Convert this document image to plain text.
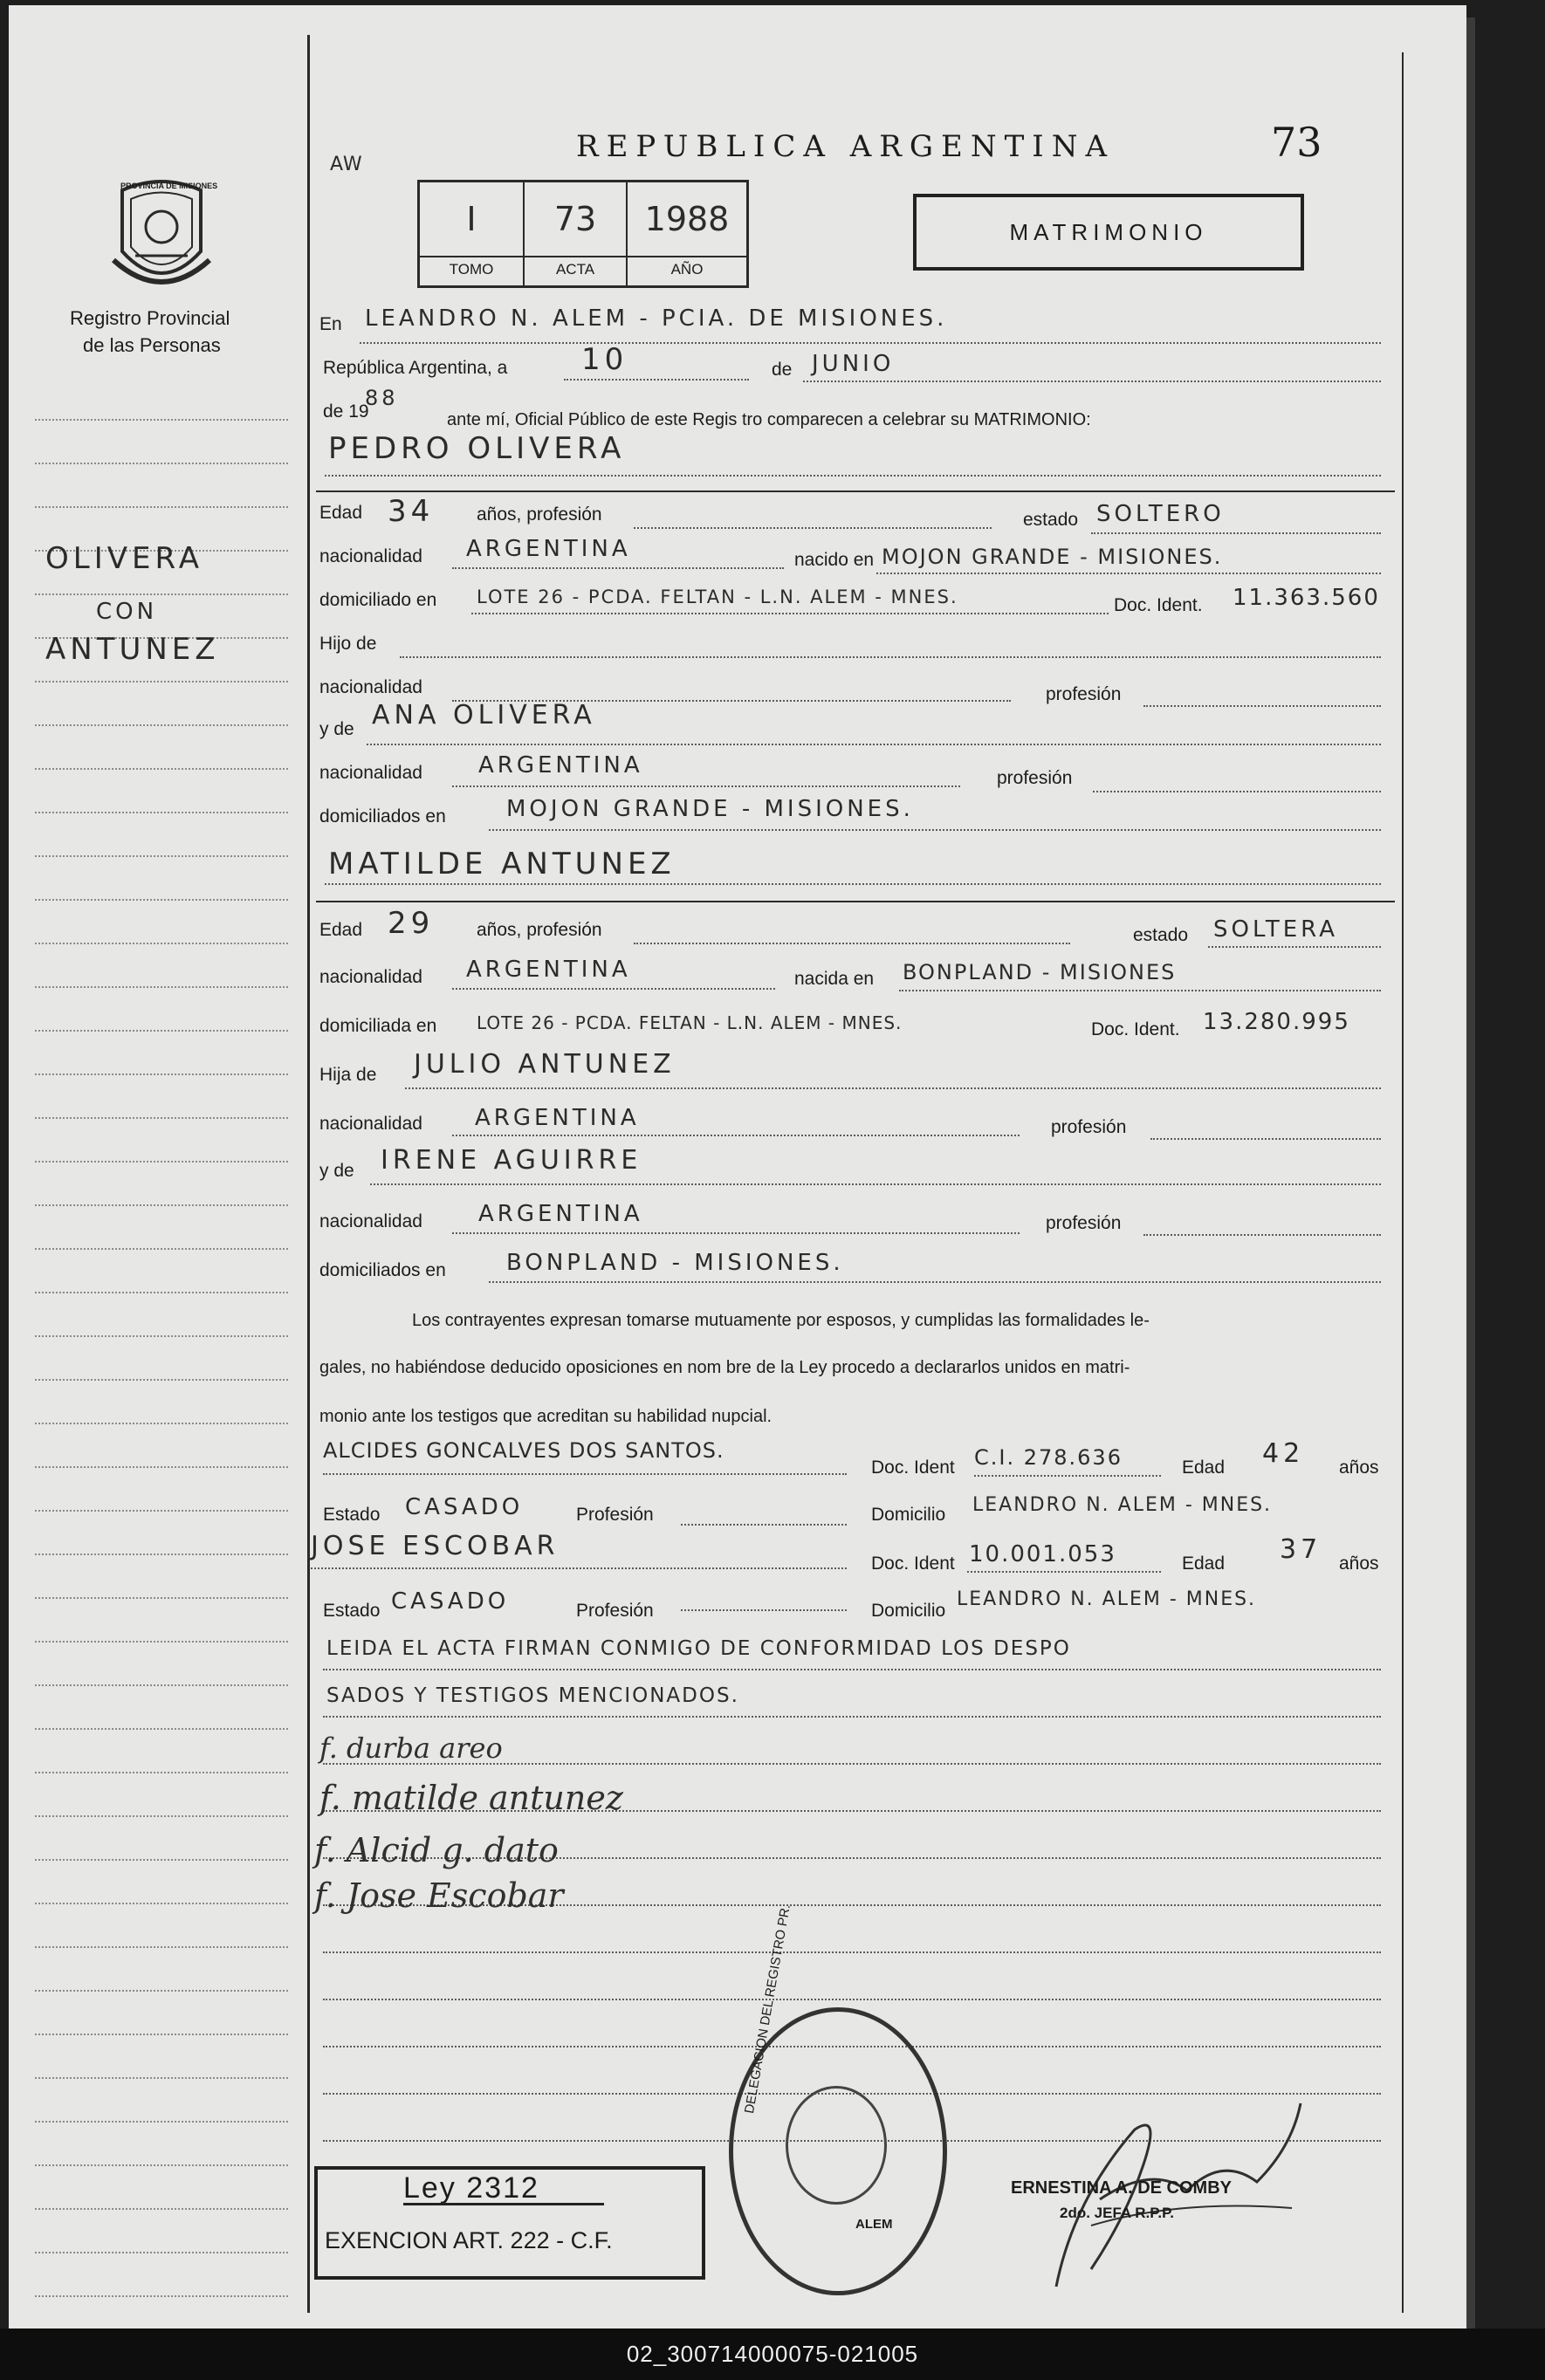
PROVINCIA DE MISIONES
Registro Provincial
de las Personas
OLIVERA
CON
ANTUNEZ
AW
REPUBLICA ARGENTINA	73
I
TOMO
73
ACTA
1988
AÑO
MATRIMONIO
En LEANDRO N. ALEM - PCIA. DE MISIONES.
República Argentina, a 10	de JUNIO
de 19
88
ante mí, Oficial Público de este Regis tro comparecen a celebrar su MATRIMONIO:
PEDRO OLIVERA
Edad 34 años, profesión	estado SOLTERO
nacionalidad ARGENTINA	nacido en MOJON GRANDE - MISIONES.
domiciliado en LOTE 26 - PCDA. FELTAN - L.N. ALEM - MNES.	Doc. Ident. 11.363.560
Hijo de
nacionalidad	profesión
y de ANA OLIVERA
nacionalidad ARGENTINA	profesión
domiciliados en	MOJON GRANDE - MISIONES.
MATILDE ANTUNEZ
Edad 29 años, profesión	estado SOLTERA
nacionalidad ARGENTINA	nacida en BONPLAND - MISIONES
domiciliada en LOTE 26 - PCDA. FELTAN - L.N. ALEM - MNES.	Doc. Ident. 13.280.995
Hija de JULIO ANTUNEZ
nacionalidad ARGENTINA	profesión
y de IRENE AGUIRRE
nacionalidad ARGENTINA	profesión
domiciliados en	BONPLAND - MISIONES.
Los contrayentes expresan tomarse mutuamente por esposos, y cumplidas las formalidades le-
gales, no habiéndose deducido oposiciones en nom bre de la Ley procedo a declararlos unidos en matri-
monio ante los testigos que acreditan su habilidad nupcial.
ALCIDES GONCALVES DOS SANTOS.
Doc. Ident C.I. 278.636	Edad 42 años
Estado CASADO	Profesión	Domicilio LEANDRO N. ALEM - MNES.
JOSE ESCOBAR
Doc. Ident 10.001.053	Edad 37 años
Estado CASADO	Profesión	Domicilio
LEANDRO N. ALEM - MNES.
LEIDA EL ACTA FIRMAN CONMIGO DE CONFORMIDAD LOS DESPO
SADOS Y TESTIGOS MENCIONADOS.
f. durba areo
f. matilde antunez
f. Alcid g. dato
f. Jose Escobar
DELEGACION DEL REGISTRO PR.
ALEM
ERNESTINA A. DE COMBY
2do. JEFA R.P.P.
Ley 2312
EXENCION ART. 222 - C.F.
02_300714000075-021005
